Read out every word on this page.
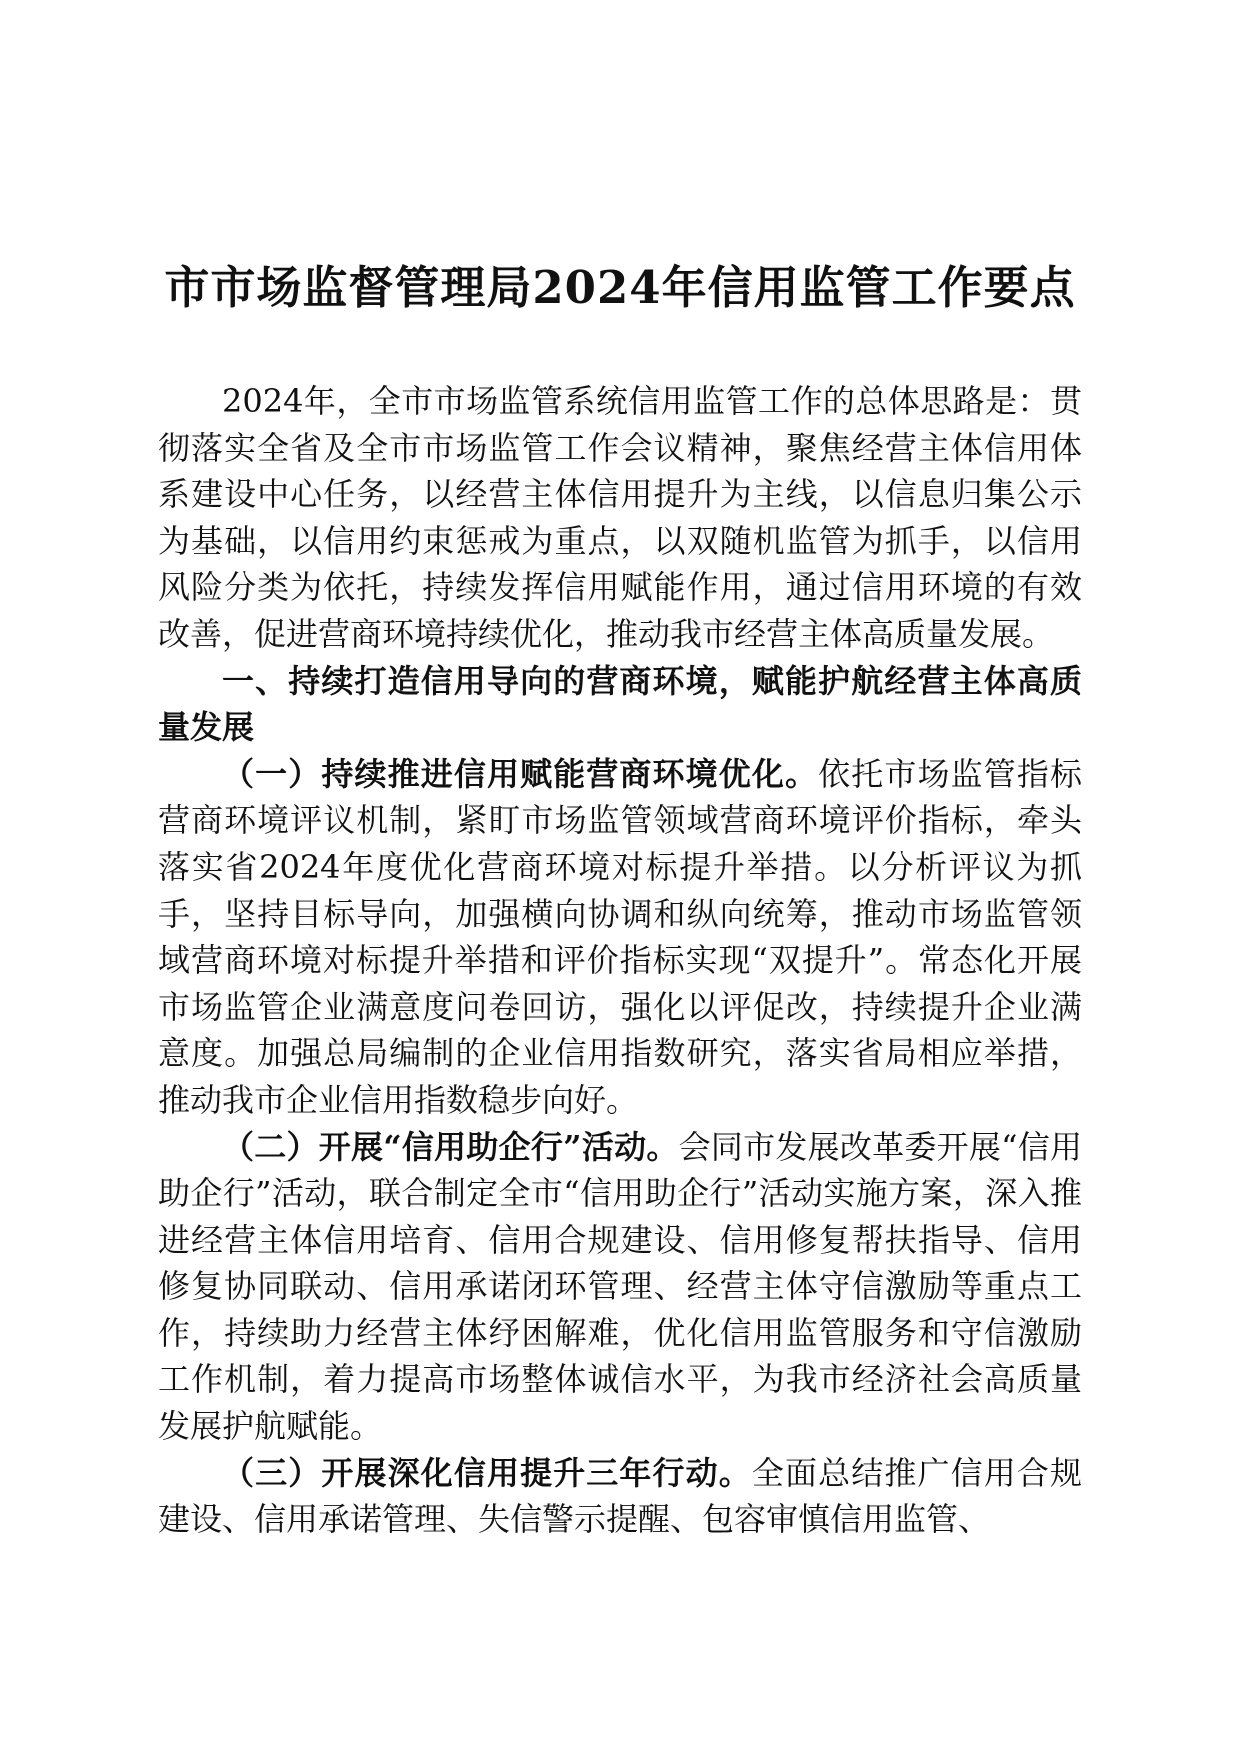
市市场监督管理局2024年信用监管工作要点

2024年，全市市场监管系统信用监管工作的总体思路是：贯彻落实全省及全市市场监管工作会议精神，聚焦经营主体信用体系建设中心任务，以经营主体信用提升为主线，以信息归集公示为基础，以信用约束惩戒为重点，以双随机监管为抓手，以信用风险分类为依托，持续发挥信用赋能作用，通过信用环境的有效改善，促进营商环境持续优化，推动我市经营主体高质量发展。

一、持续打造信用导向的营商环境，赋能护航经营主体高质量发展

（一）持续推进信用赋能营商环境优化。依托市场监管指标营商环境评议机制，紧盯市场监管领域营商环境评价指标，牵头落实省2024年度优化营商环境对标提升举措。以分析评议为抓手，坚持目标导向，加强横向协调和纵向统筹，推动市场监管领域营商环境对标提升举措和评价指标实现“双提升”。常态化开展市场监管企业满意度问卷回访，强化以评促改，持续提升企业满意度。加强总局编制的企业信用指数研究，落实省局相应举措，推动我市企业信用指数稳步向好。

（二）开展“信用助企行”活动。会同市发展改革委开展“信用助企行”活动，联合制定全市“信用助企行”活动实施方案，深入推进经营主体信用培育、信用合规建设、信用修复帮扶指导、信用修复协同联动、信用承诺闭环管理、经营主体守信激励等重点工作，持续助力经营主体纾困解难，优化信用监管服务和守信激励工作机制，着力提高市场整体诚信水平，为我市经济社会高质量发展护航赋能。

（三）开展深化信用提升三年行动。全面总结推广信用合规建设、信用承诺管理、失信警示提醒、包容审慎信用监管、
